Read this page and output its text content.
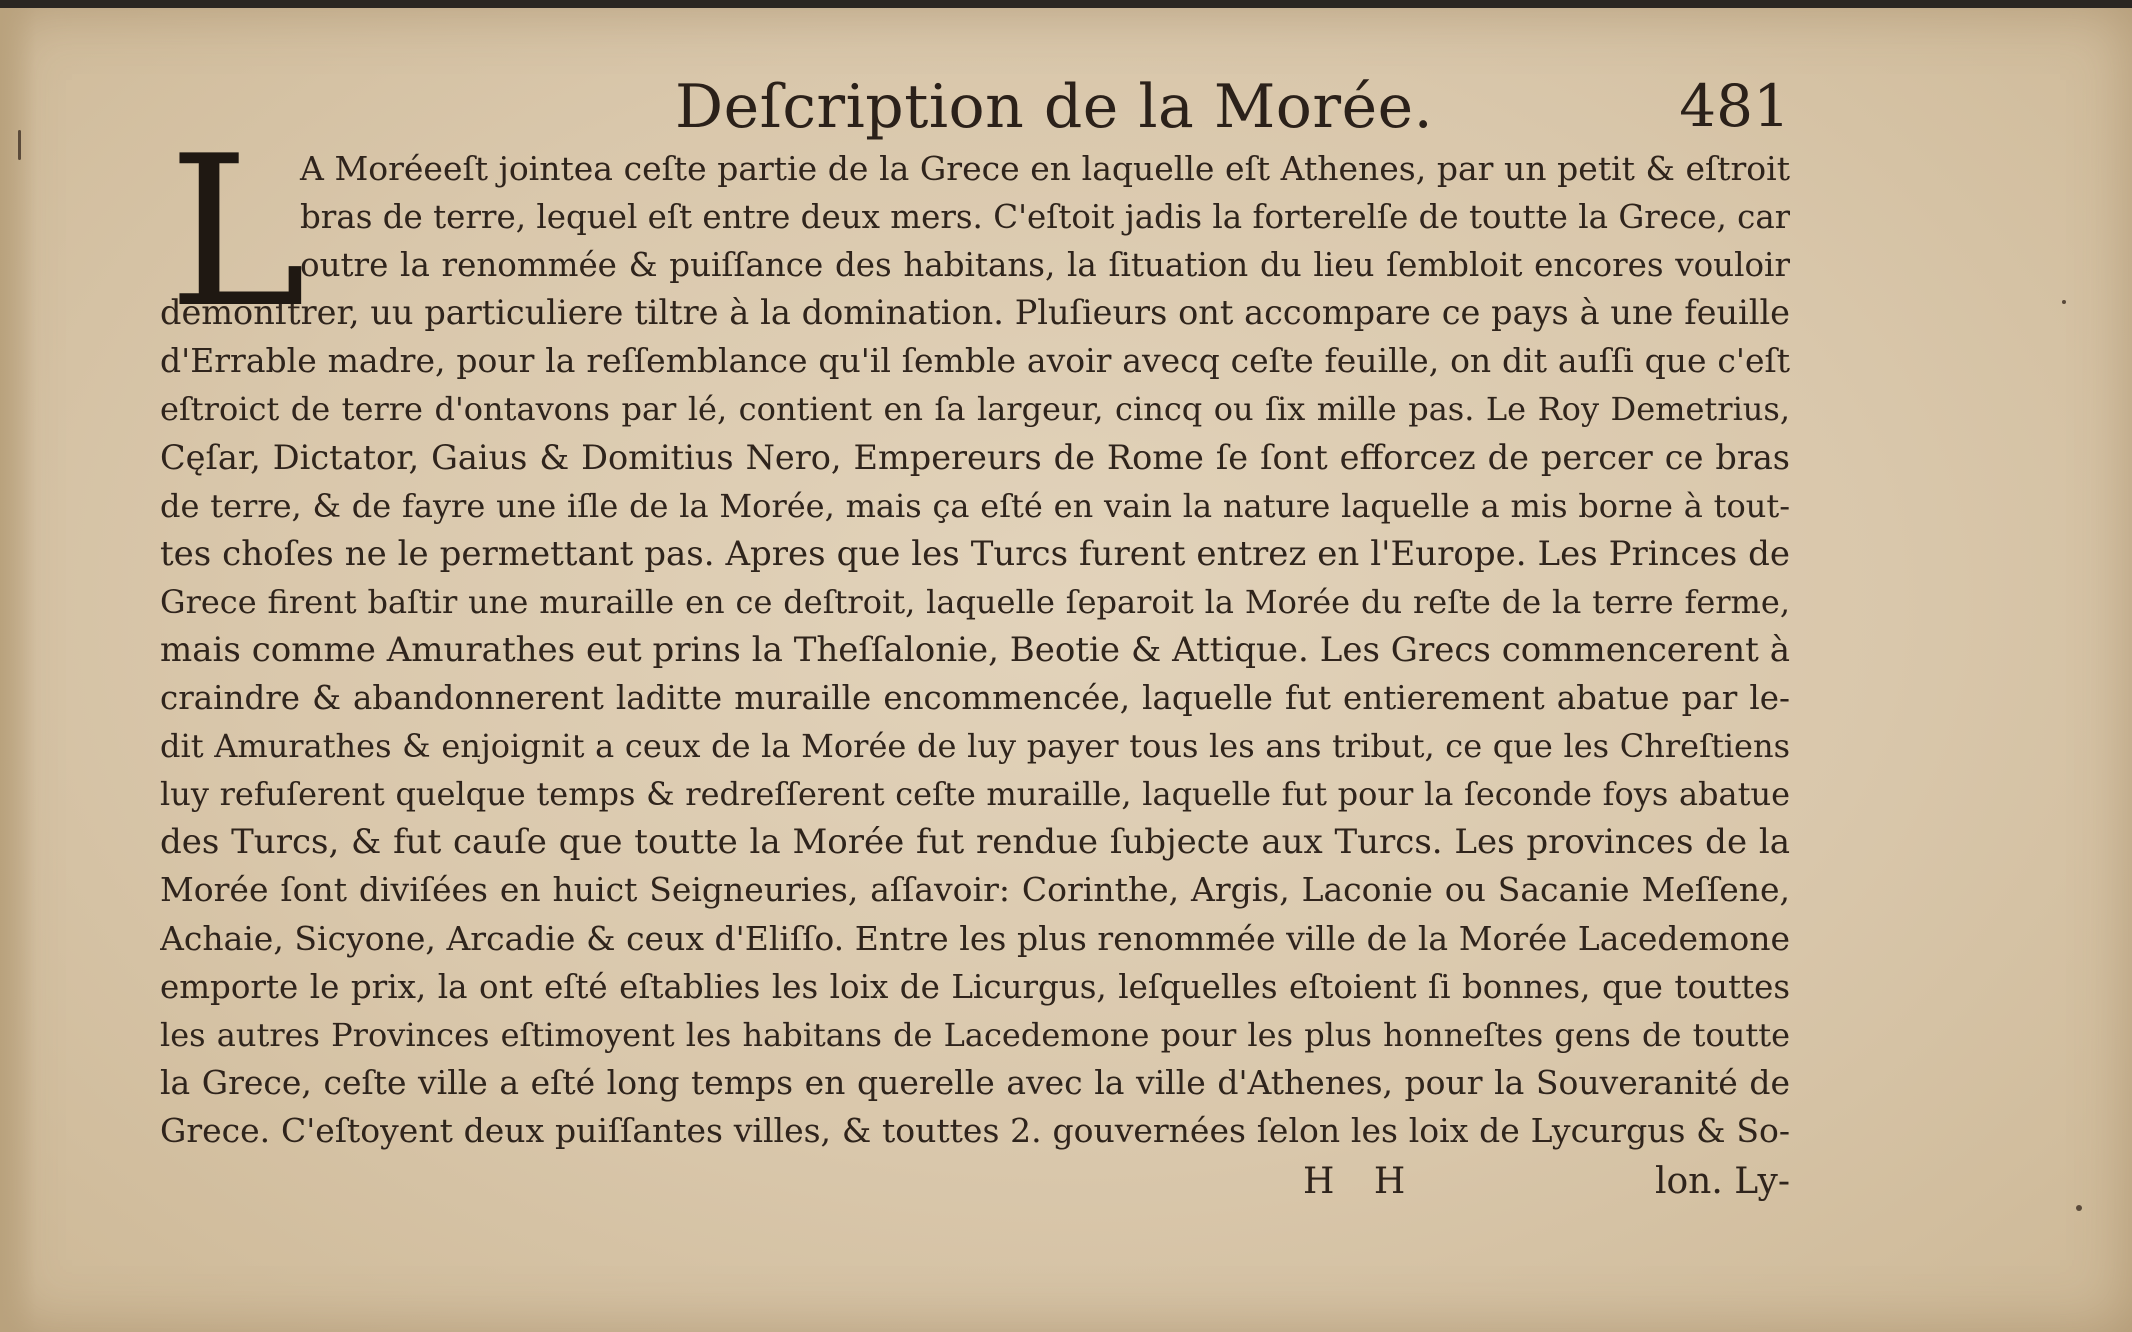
Deſcription de la Morée.	481
L
A Moréeeſt jointea ceſte partie de la Grece en laquelle eſt Athenes, par un petit & eſtroit
bras de terre, lequel eſt entre deux mers. C'eſtoit jadis la forterelſe de toutte la Grece, car
outre la renommée & puiſſance des habitans, la ſituation du lieu ſembloit encores vouloir
demonſtrer, uu particuliere tiltre à la domination. Pluſieurs ont accompare ce pays à une feuille
d'Errable madre, pour la reſſemblance qu'il ſemble avoir avecq ceſte feuille, on dit auſſi que c'eſt
eſtroict de terre d'ontavons par lé, contient en ſa largeur, cincq ou ſix mille pas. Le Roy Demetrius,
Cęſar, Dictator, Gaius & Domitius Nero, Empereurs de Rome ſe ſont efforcez de percer ce bras
de terre, & de fayre une iſle de la Morée, mais ça eſté en vain la nature laquelle a mis borne à tout-
tes choſes ne le permettant pas. Apres que les Turcs furent entrez en l'Europe. Les Princes de
Grece firent baſtir une muraille en ce deſtroit, laquelle ſeparoit la Morée du reſte de la terre ferme,
mais comme Amurathes eut prins la Theſſalonie, Beotie & Attique. Les Grecs commencerent à
craindre & abandonnerent laditte muraille encommencée, laquelle fut entierement abatue par le-
dit Amurathes & enjoignit a ceux de la Morée de luy payer tous les ans tribut, ce que les Chreſtiens
luy refuſerent quelque temps & redreſſerent ceſte muraille, laquelle fut pour la ſeconde foys abatue
des Turcs, & fut cauſe que toutte la Morée fut rendue ſubjecte aux Turcs. Les provinces de la
Morée ſont diviſées en huict Seigneuries, aſſavoir: Corinthe, Argis, Laconie ou Sacanie Meſſene,
Achaie, Sicyone, Arcadie & ceux d'Eliſſo. Entre les plus renommée ville de la Morée Lacedemone
emporte le prix, la ont eſté eſtablies les loix de Licurgus, leſquelles eſtoient ſi bonnes, que touttes
les autres Provinces eſtimoyent les habitans de Lacedemone pour les plus honneſtes gens de toutte
la Grece, ceſte ville a eſté long temps en querelle avec la ville d'Athenes, pour la Souveranité de
Grece. C'eſtoyent deux puiſſantes villes, & touttes 2. gouvernées ſelon les loix de Lycurgus & So-
H H	lon. Ly-
